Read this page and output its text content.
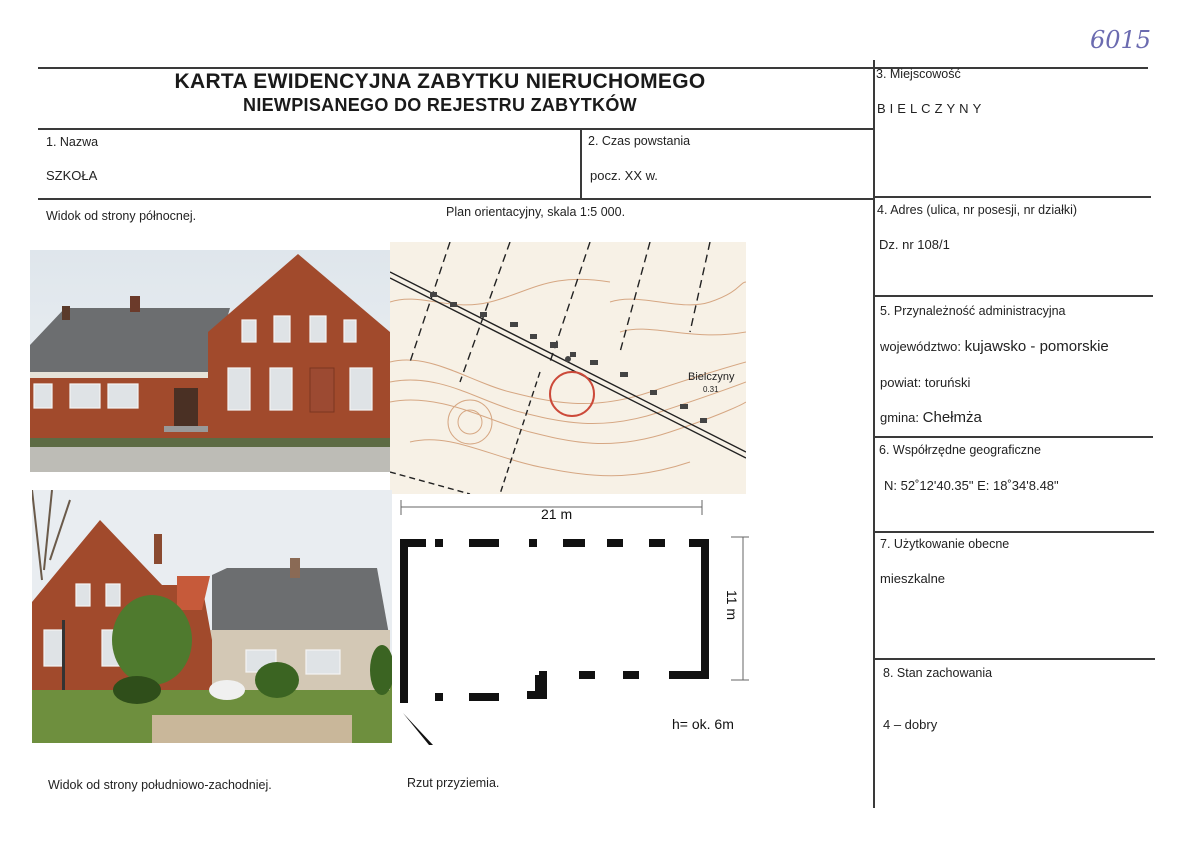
6015
KARTA EWIDENCYJNA ZABYTKU NIERUCHOMEGO
NIEWPISANEGO DO REJESTRU ZABYTKÓW
1. Nazwa
SZKOŁA
2. Czas powstania
pocz. XX w.
3. Miejscowość
BIELCZYNY
4. Adres (ulica, nr posesji, nr działki)
Dz. nr 108/1
5. Przynależność administracyjna
województwo: kujawsko - pomorskie
powiat: toruński
gmina: Chełmża
6. Współrzędne geograficzne
N: 52˚12'40.35" E: 18˚34'8.48"
7. Użytkowanie obecne
mieszkalne
8. Stan zachowania
4 – dobry
Widok od strony północnej.	Plan orientacyjny, skala 1:5 000.
Widok od strony południowo-zachodniej.	Rzut przyziemia.
Bielczyny
0.31
21 m
11 m
h= ok. 6m
